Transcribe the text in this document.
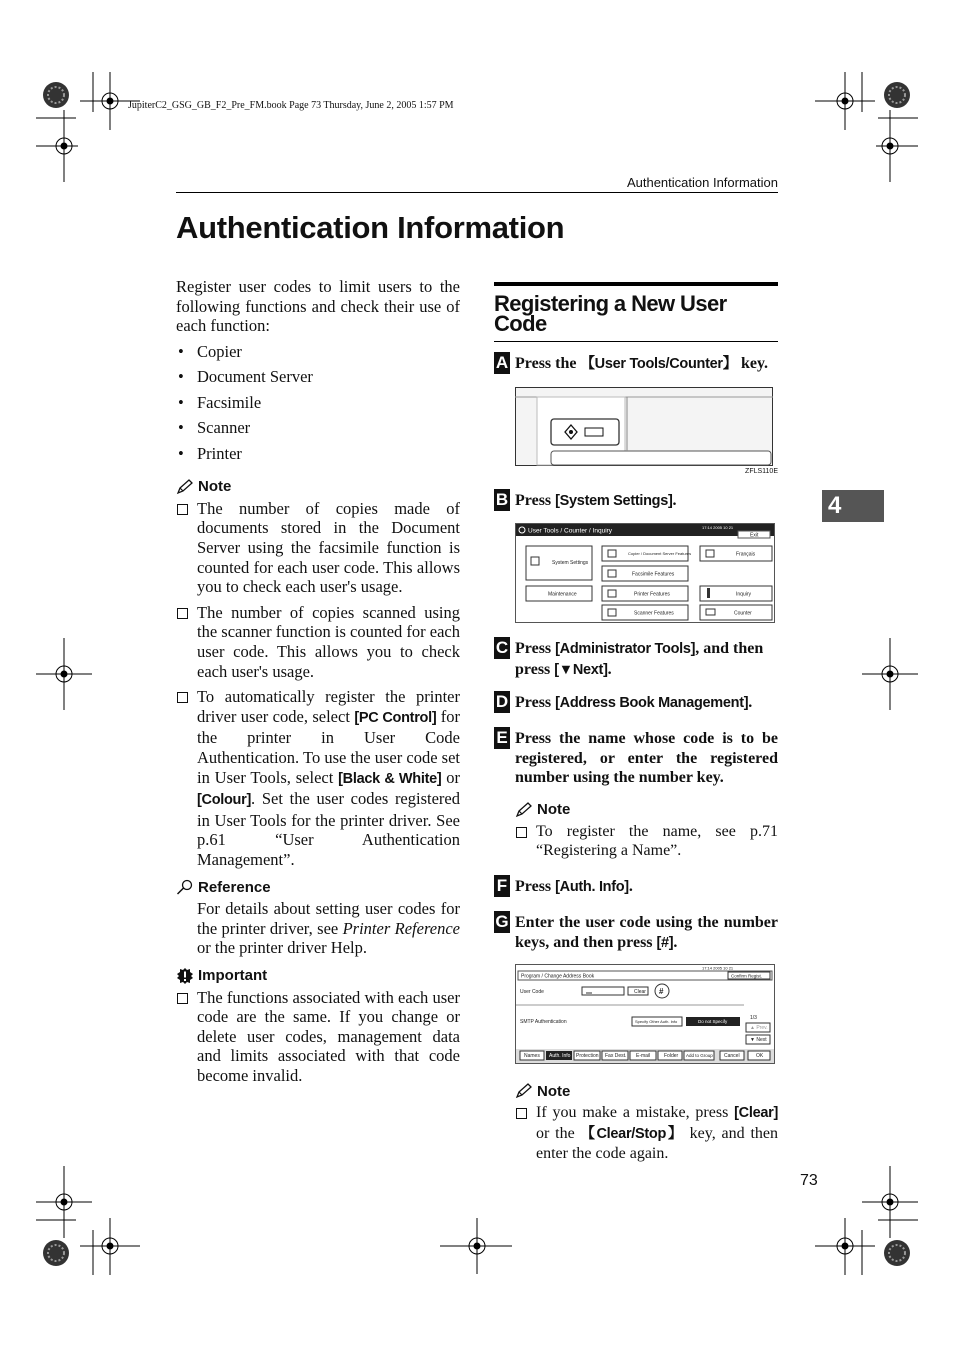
JupiterC2_GSG_GB_F2_Pre_FM.book Page 73 Thursday, June 2, 2005 1:57 PM
Authentication Information
Authentication Information

Register user codes to limit users to the following functions and check their use of each function:

• Copier
• Document Server
• Facsimile
• Scanner
• Printer
Note
The number of copies made of documents stored in the Document Server using the facsimile function is counted for each user code. This allows you to check each user's usage.
The number of copies scanned using the scanner function is counted for each user code. This allows you to check each user's usage.
To automatically register the printer driver user code, select [PC Control] for the printer in User Code Authentication. To use the user code set in User Tools, select [Black & White] or [Colour]. Set the user codes registered in User Tools for the printer driver. See p.61 “User Authentication Management”.
Reference
For details about setting user codes for the printer driver, see Printer Reference or the printer driver Help.
Important
The functions associated with each user code are the same. If you change or delete user codes, management data and limits associated with that code become invalid.
Registering a New User Code
A Press the 【User Tools/Counter】 key.
ZFLS110E
B Press [System Settings].
User Tools / Counter / Inquiry	17:14 2005 10 21
Exit
System Settings
Maintenance
Copier / Document Server Features
Facsimile Features
Printer Features
Scanner Features
Français
Inquiry
Counter
C Press [Administrator Tools], and then press [▼Next].
D Press [Address Book Management].
E Press the name whose code is to be registered, or enter the registered number using the number key.
Note
To register the name, see p.71 “Registering a Name”.
F Press [Auth. Info].
G Enter the user code using the number keys, and then press [#].
17:14 2005 10 21
Program / Change Address Book	Confirm Regist.
User Code	Clear #
SMTP Authentication	Specify Other Auth. Info	Do not Specify
1/3
▲ Prev.
▼ Next
Names Auth. Info Protection Fax Dest. E-mail	Folder Add to Group Cancel	OK
Note
If you make a mistake, press [Clear] or the 【Clear/Stop】 key, and then enter the code again.
4
73
